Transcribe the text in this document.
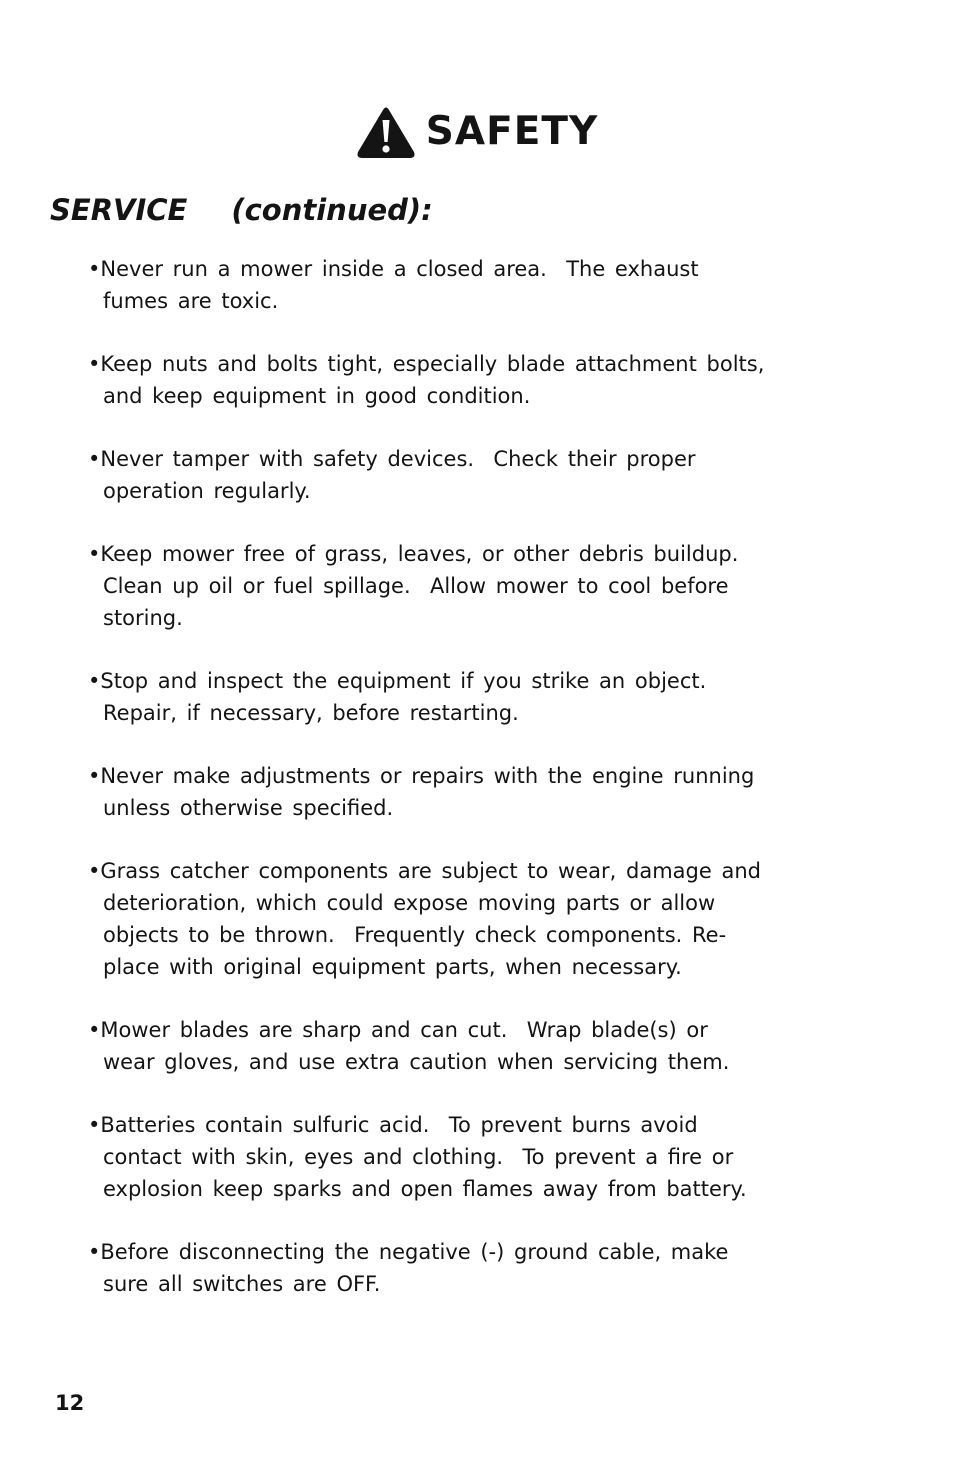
SAFETY
SERVICE (continued):
•Never run a mower inside a closed area.  The exhaust
fumes are toxic.
•Keep nuts and bolts tight, especially blade attachment bolts,
and keep equipment in good condition.
•Never tamper with safety devices.  Check their proper
operation regularly.
•Keep mower free of grass, leaves, or other debris buildup.
Clean up oil or fuel spillage.  Allow mower to cool before
storing.
•Stop and inspect the equipment if you strike an object.
Repair, if necessary, before restarting.
•Never make adjustments or repairs with the engine running
unless otherwise specified.
•Grass catcher components are subject to wear, damage and
deterioration, which could expose moving parts or allow
objects to be thrown.  Frequently check components. Re-
place with original equipment parts, when necessary.
•Mower blades are sharp and can cut.  Wrap blade(s) or
wear gloves, and use extra caution when servicing them.
•Batteries contain sulfuric acid.  To prevent burns avoid
contact with skin, eyes and clothing.  To prevent a fire or
explosion keep sparks and open flames away from battery.
•Before disconnecting the negative (-) ground cable, make
sure all switches are OFF.
12
